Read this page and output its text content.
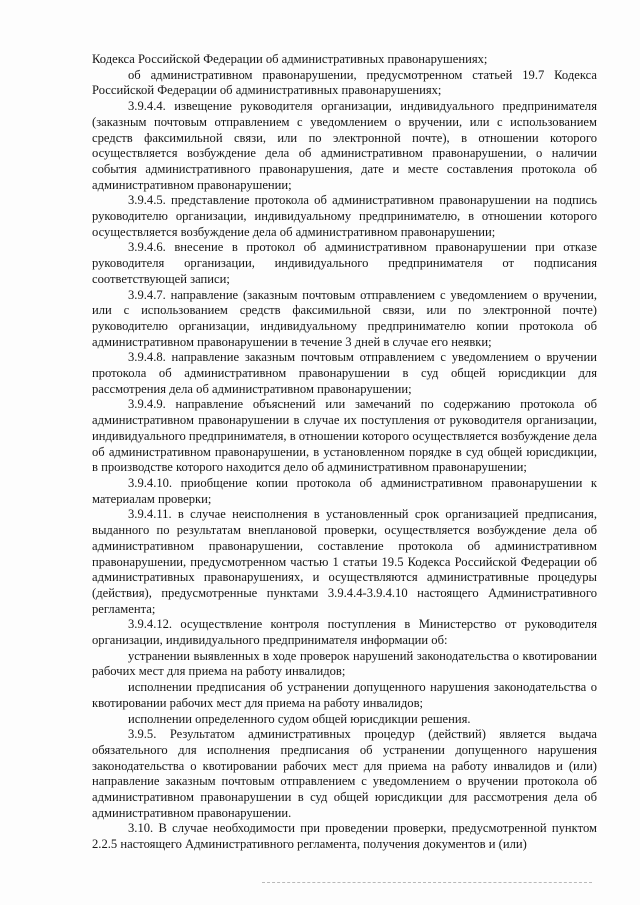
Кодекса Российской Федерации об административных правонарушениях;

об административном правонарушении, предусмотренном статьей 19.7 Кодекса Российской Федерации об административных правонарушениях;

3.9.4.4. извещение руководителя организации, индивидуального предпринимателя (заказным почтовым отправлением с уведомлением о вручении, или с использованием средств факсимильной связи, или по электронной почте), в отношении которого осуществляется возбуждение дела об административном правонарушении, о наличии события административного правонарушения, дате и месте составления протокола об административном правонарушении;

3.9.4.5. представление протокола об административном правонарушении на подпись руководителю организации, индивидуальному предпринимателю, в отношении которого осуществляется возбуждение дела об административном правонарушении;

3.9.4.6. внесение в протокол об административном правонарушении при отказе руководителя организации, индивидуального предпринимателя от подписания соответствующей записи;

3.9.4.7. направление (заказным почтовым отправлением с уведомлением о вручении, или с использованием средств факсимильной связи, или по электронной почте) руководителю организации, индивидуальному предпринимателю копии протокола об административном правонарушении в течение 3 дней в случае его неявки;

3.9.4.8. направление заказным почтовым отправлением с уведомлением о вручении протокола об административном правонарушении в суд общей юрисдикции для рассмотрения дела об административном правонарушении;

3.9.4.9. направление объяснений или замечаний по содержанию протокола об административном правонарушении в случае их поступления от руководителя организации, индивидуального предпринимателя, в отношении которого осуществляется возбуждение дела об административном правонарушении, в установленном порядке в суд общей юрисдикции, в производстве которого находится дело об административном правонарушении;

3.9.4.10. приобщение копии протокола об административном правонарушении к материалам проверки;

3.9.4.11. в случае неисполнения в установленный срок организацией предписания, выданного по результатам внеплановой проверки, осуществляется возбуждение дела об административном правонарушении, составление протокола об административном правонарушении, предусмотренном частью 1 статьи 19.5 Кодекса Российской Федерации об административных правонарушениях, и осуществляются административные процедуры (действия), предусмотренные пунктами 3.9.4.4-3.9.4.10 настоящего Административного регламента;

3.9.4.12. осуществление контроля поступления в Министерство от руководителя организации, индивидуального предпринимателя информации об:

устранении выявленных в ходе проверок нарушений законодательства о квотировании рабочих мест для приема на работу инвалидов;

исполнении предписания об устранении допущенного нарушения законодательства о квотировании рабочих мест для приема на работу инвалидов;

исполнении определенного судом общей юрисдикции решения.

3.9.5. Результатом административных процедур (действий) является выдача обязательного для исполнения предписания об устранении допущенного нарушения законодательства о квотировании рабочих мест для приема на работу инвалидов и (или) направление заказным почтовым отправлением с уведомлением о вручении протокола об административном правонарушении в суд общей юрисдикции для рассмотрения дела об административном правонарушении.

3.10. В случае необходимости при проведении проверки, предусмотренной пунктом 2.2.5 настоящего Административного регламента, получения документов и (или)
